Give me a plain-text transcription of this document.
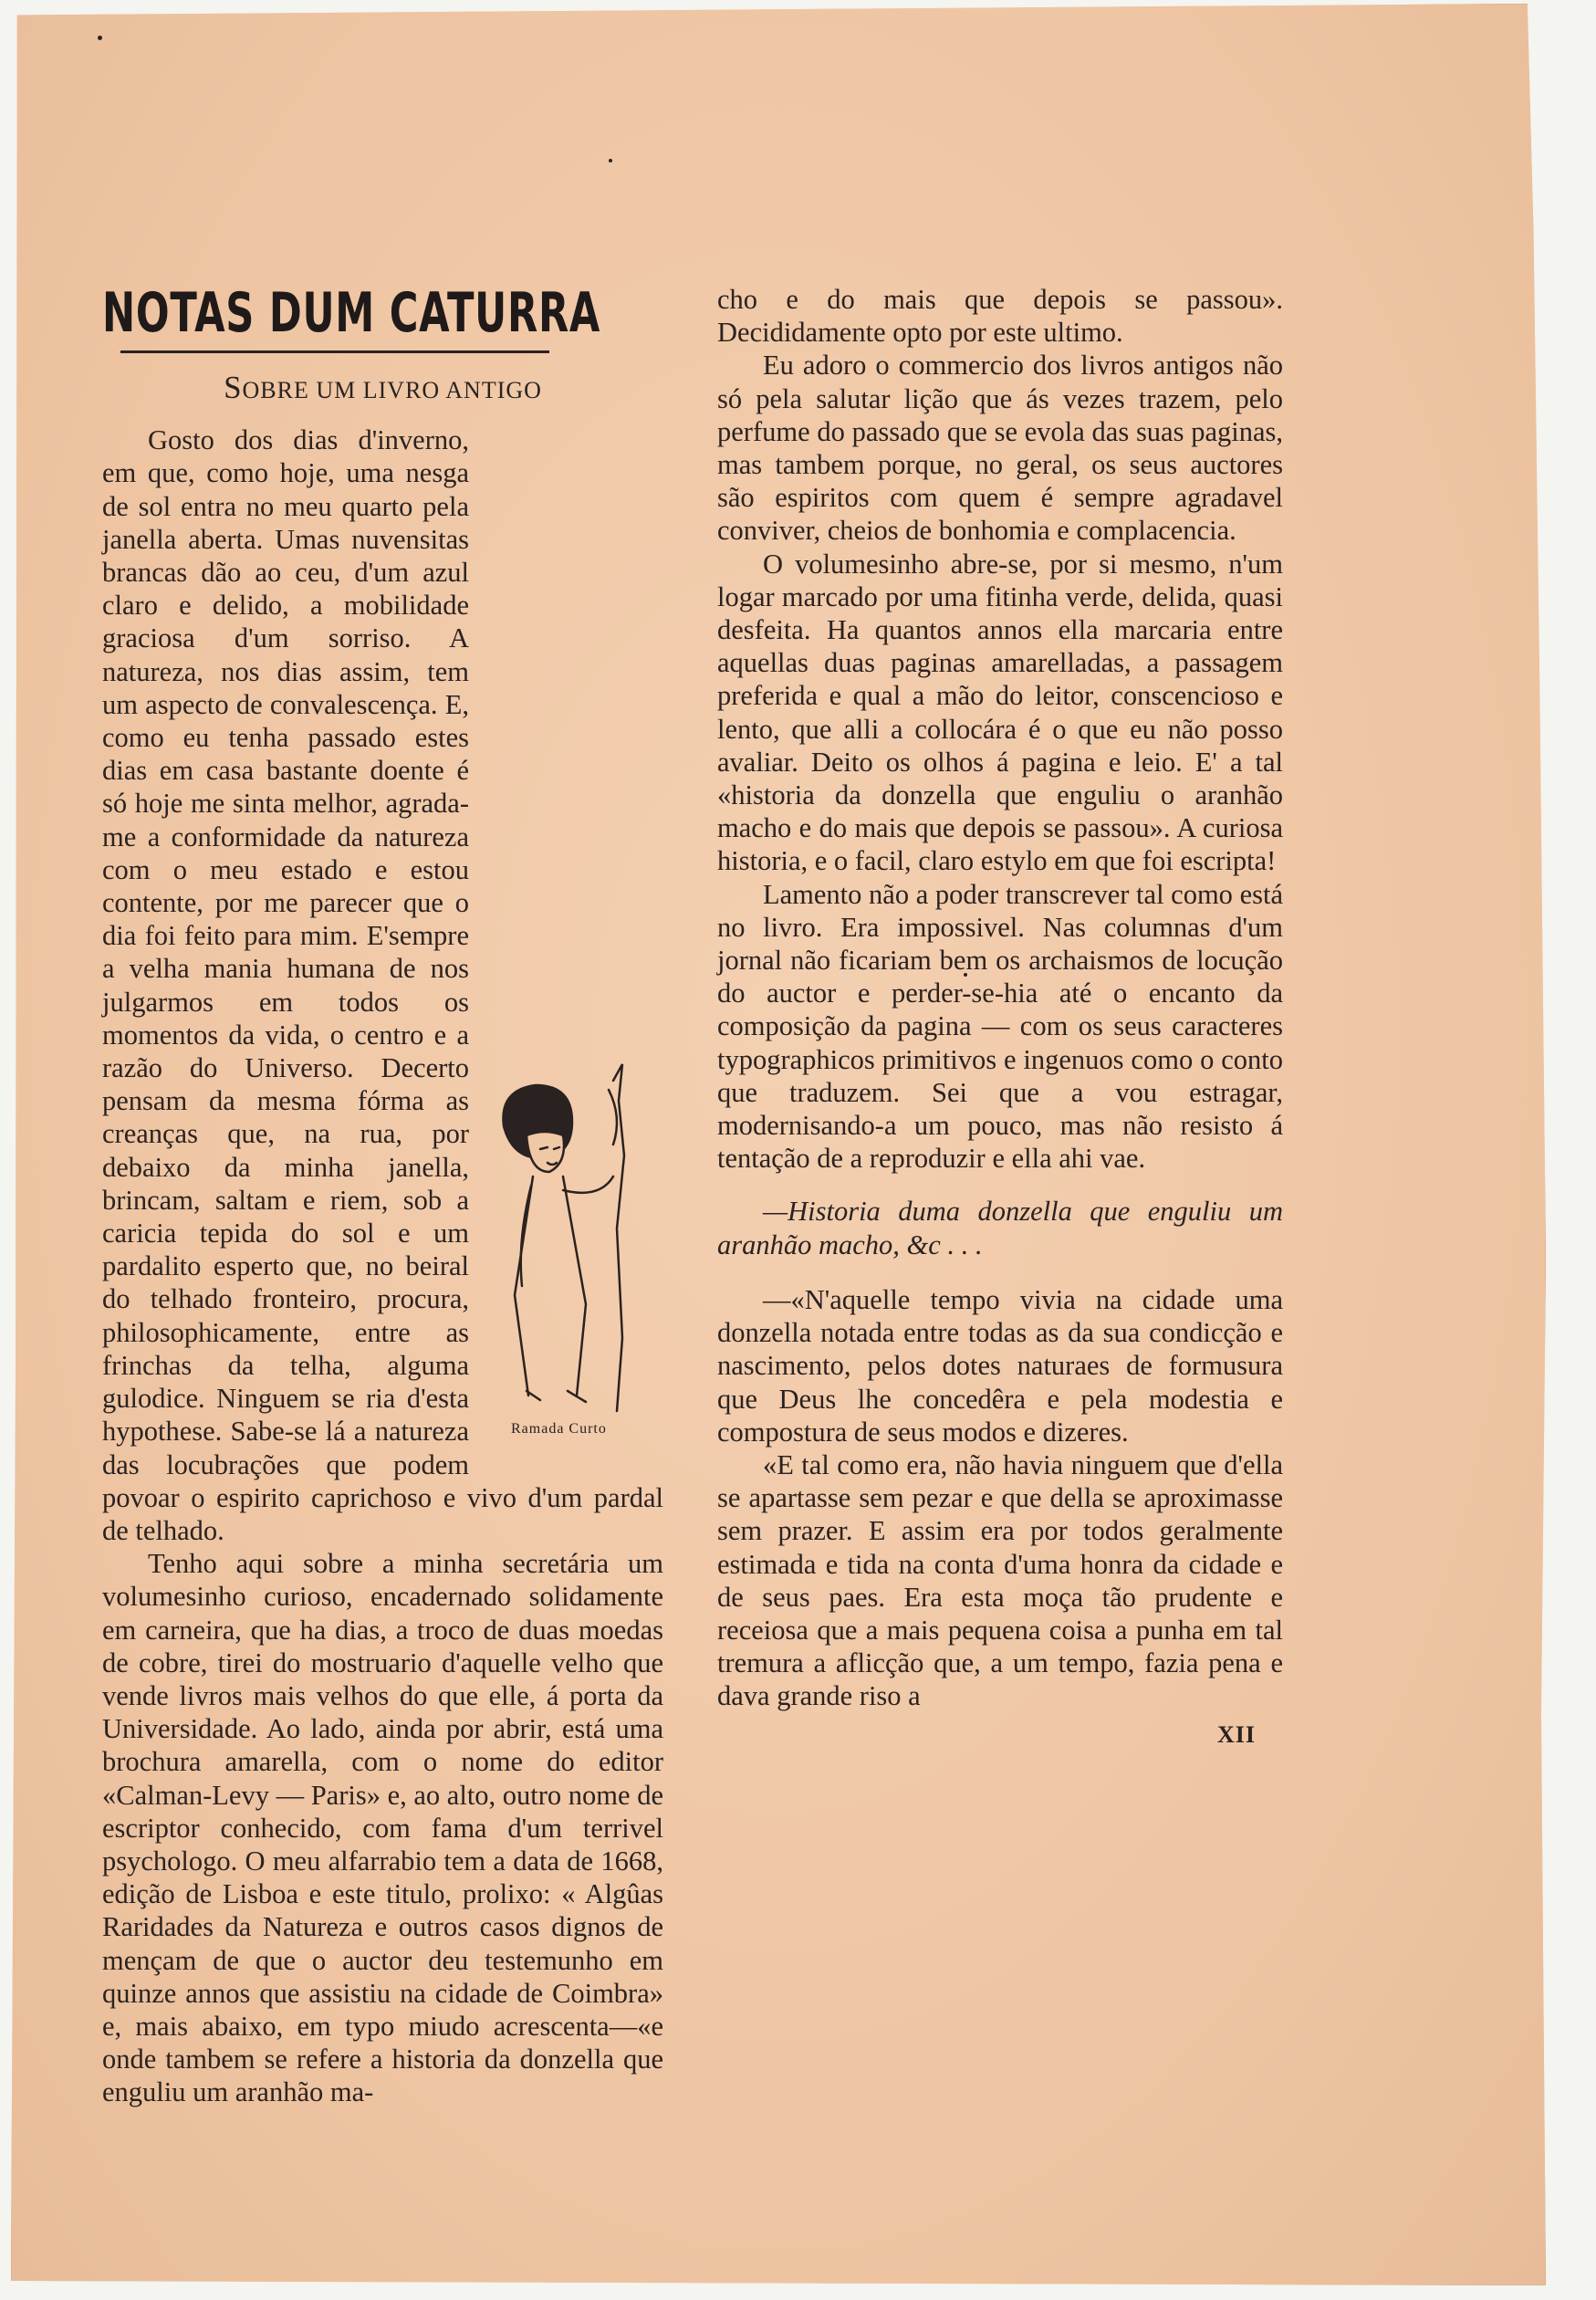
NOTAS DUM CATURRA
SOBRE UM LIVRO ANTIGO
Ramada Curto

Gosto dos dias d'inverno, em que, como hoje, uma nesga de sol entra no meu quarto pela janella aberta. Umas nuvensitas brancas dão ao ceu, d'um azul claro e delido, a mobilidade graciosa d'um sorriso. A natureza, nos dias assim, tem um aspecto de convalescença. E, como eu tenha passado estes dias em casa bastante doente é só hoje me sinta melhor, agrada-me a conformidade da natureza com o meu estado e estou contente, por me parecer que o dia foi feito para mim. E'sempre a velha mania humana de nos julgarmos em todos os momentos da vida, o centro e a razão do Universo. Decerto pensam da mesma fórma as creanças que, na rua, por debaixo da minha janella, brincam, saltam e riem, sob a caricia tepida do sol e um pardalito esperto que, no beiral do telhado fronteiro, procura, philosophicamente, entre as frinchas da telha, alguma gulodice. Ninguem se ria d'esta hypothese. Sabe-se lá a natureza das locubrações que podem povoar o espirito caprichoso e vivo d'um pardal de telhado.

Tenho aqui sobre a minha secretária um volumesinho curioso, encadernado solidamente em carneira, que ha dias, a troco de duas moedas de cobre, tirei do mostruario d'aquelle velho que vende livros mais velhos do que elle, á porta da Universidade. Ao lado, ainda por abrir, está uma brochura amarella, com o nome do editor «Calman-Levy — Paris» e, ao alto, outro nome de escriptor conhecido, com fama d'um terrivel psychologo. O meu alfarrabio tem a data de 1668, edição de Lisboa e este titulo, prolixo: « Algûas Raridades da Natureza e outros casos dignos de mençam de que o auctor deu testemunho em quinze annos que assistiu na cidade de Coimbra» e, mais abaixo, em typo miudo acrescenta—«e onde tambem se refere a historia da donzella que enguliu um aranhão ma-

cho e do mais que depois se passou». Decididamente opto por este ultimo.

Eu adoro o commercio dos livros antigos não só pela salutar lição que ás vezes trazem, pelo perfume do passado que se evola das suas paginas, mas tambem porque, no geral, os seus auctores são espiritos com quem é sempre agradavel conviver, cheios de bonhomia e complacencia.

O volumesinho abre-se, por si mesmo, n'um logar marcado por uma fitinha verde, delida, quasi desfeita. Ha quantos annos ella marcaria entre aquellas duas paginas amarelladas, a passagem preferida e qual a mão do leitor, conscencioso e lento, que alli a collocára é o que eu não posso avaliar. Deito os olhos á pagina e leio. E' a tal «historia da donzella que enguliu o aranhão macho e do mais que depois se passou». A curiosa historia, e o facil, claro estylo em que foi escripta!

Lamento não a poder transcrever tal como está no livro. Era impossivel. Nas columnas d'um jornal não ficariam bem os archaismos de locução do auctor e perder-se-hia até o encanto da composição da pagina — com os seus caracteres typographicos primitivos e ingenuos como o conto que traduzem. Sei que a vou estragar, modernisando-a um pouco, mas não resisto á tentação de a reproduzir e ella ahi vae.

—Historia duma donzella que enguliu um aranhão macho, &c . . .

—«N'aquelle tempo vivia na cidade uma donzella notada entre todas as da sua condicção e nascimento, pelos dotes naturaes de formusura que Deus lhe concedêra e pela modestia e compostura de seus modos e dizeres.

«E tal como era, não havia ninguem que d'ella se apartasse sem pezar e que della se aproximasse sem prazer. E assim era por todos geralmente estimada e tida na conta d'uma honra da cidade e de seus paes. Era esta moça tão prudente e receiosa que a mais pequena coisa a punha em tal tremura a aflicção que, a um tempo, fazia pena e dava grande riso a

XII
